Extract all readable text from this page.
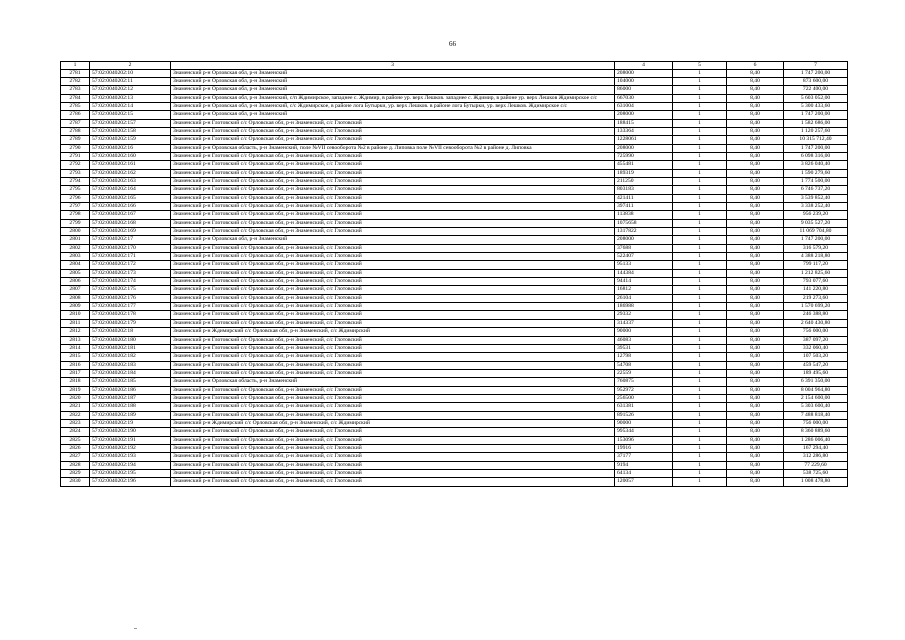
66
1	2	3	4	5	6	7
2781	57:02:0040202:10	Знаменский р-н Орловская обл, р-н Знаменский	208000	1	8,40	1 747 200,00
2782	57:02:0040202:11	Знаменский р-н Орловская обл, р-н Знаменский	104000	1	8,40	873 600,00
2783	57:02:0040202:12	Знаменский р-н Орловская обл, р-н Знаменский	86000	1	8,40	722 400,00
2784	57:02:0040202:13	Знаменский р-н Орловская обл, р-н Знаменский, с/п Ждимирское, западнее с. Ждимир, в районе ур. верх Лешков. западнее с. Ждимир, в районе ур. верх Лешков Ждимирское с/с	667030	1	8,40	5 603 052,00
2785	57:02:0040202:14	Знаменский р-н Орловская обл, р-н Знаменский, с/с Ждимирское, в районе лога Бутырки, ур. верх Лешков. в районе лога Бутырки, ур. верх Лешков. Ждимирское с/с	631004	1	8,40	5 300 433,60
2786	57:02:0040202:15	Знаменский р-н Орловская обл, р-н Знаменский	208000	1	8,40	1 747 200,00
2787	57:02:0040202:157	Знаменский р-н Глотовский с/с Орловская обл, р-н Знаменский, с/с Глотовский	188415	1	8,40	1 582 686,00
2788	57:02:0040202:158	Знаменский р-н Глотовский с/с Орловская обл, р-н Знаменский, с/с Глотовский	133364	1	8,40	1 120 257,60
2789	57:02:0040202:159	Знаменский р-н Глотовский с/с Орловская обл, р-н Знаменский, с/с Глотовский	1228061	1	8,40	10 315 712,40
2790	57:02:0040202:16	Знаменский р-н Орловская область, р-н Знаменский, поле №VII севооборота №2 в районе д. Липовка поле №VII севооборота №2 в районе д. Липовка	208000	1	8,40	1 747 200,00
2791	57:02:0040202:160	Знаменский р-н Глотовский с/с Орловская обл, р-н Знаменский, с/с Глотовский	725990	1	8,40	6 098 316,00
2792	57:02:0040202:161	Знаменский р-н Глотовский с/с Орловская обл, р-н Знаменский, с/с Глотовский	455481	1	8,40	3 826 040,40
2793	57:02:0040202:162	Знаменский р-н Глотовский с/с Орловская обл, р-н Знаменский, с/с Глотовский	189319	1	8,40	1 590 279,60
2794	57:02:0040202:163	Знаменский р-н Глотовский с/с Орловская обл, р-н Знаменский, с/с Глотовский	211250	1	8,40	1 774 500,00
2795	57:02:0040202:164	Знаменский р-н Глотовский с/с Орловская обл, р-н Знаменский, с/с Глотовский	803183	1	8,40	6 746 737,20
2796	57:02:0040202:165	Знаменский р-н Глотовский с/с Орловская обл, р-н Знаменский, с/с Глотовский	421411	1	8,40	3 539 852,40
2797	57:02:0040202:166	Знаменский р-н Глотовский с/с Орловская обл, р-н Знаменский, с/с Глотовский	397411	1	8,40	3 338 252,40
2798	57:02:0040202:167	Знаменский р-н Глотовский с/с Орловская обл, р-н Знаменский, с/с Глотовский	113838	1	8,40	956 239,20
2799	57:02:0040202:168	Знаменский р-н Глотовский с/с Орловская обл, р-н Знаменский, с/с Глотовский	1075658	1	8,40	9 035 527,20
2800	57:02:0040202:169	Знаменский р-н Глотовский с/с Орловская обл, р-н Знаменский, с/с Глотовский	1317822	1	8,40	11 069 704,80
2801	57:02:0040202:17	Знаменский р-н Орловская обл, р-н Знаменский	208000	1	8,40	1 747 200,00
2802	57:02:0040202:170	Знаменский р-н Глотовский с/с Орловская обл, р-н Знаменский, с/с Глотовский	37688	1	8,40	316 579,20
2803	57:02:0040202:171	Знаменский р-н Глотовский с/с Орловская обл, р-н Знаменский, с/с Глотовский	522407	1	8,40	4 388 218,80
2804	57:02:0040202:172	Знаменский р-н Глотовский с/с Орловская обл, р-н Знаменский, с/с Глотовский	95133	1	8,40	799 117,20
2805	57:02:0040202:173	Знаменский р-н Глотовский с/с Орловская обл, р-н Знаменский, с/с Глотовский	144384	1	8,40	1 212 825,60
2806	57:02:0040202:174	Знаменский р-н Глотовский с/с Орловская обл, р-н Знаменский, с/с Глотовский	94414	1	8,40	793 077,60
2807	57:02:0040202:175	Знаменский р-н Глотовский с/с Орловская обл, р-н Знаменский, с/с Глотовский	16812	1	8,40	141 220,80
2808	57:02:0040202:176	Знаменский р-н Глотовский с/с Орловская обл, р-н Знаменский, с/с Глотовский	26104	1	8,40	219 273,60
2809	57:02:0040202:177	Знаменский р-н Глотовский с/с Орловская обл, р-н Знаменский, с/с Глотовский	186988	1	8,40	1 570 699,20
2810	57:02:0040202:178	Знаменский р-н Глотовский с/с Орловская обл, р-н Знаменский, с/с Глотовский	29332	1	8,40	246 388,80
2811	57:02:0040202:179	Знаменский р-н Глотовский с/с Орловская обл, р-н Знаменский, с/с Глотовский	314337	1	8,40	2 640 430,80
2812	57:02:0040202:18	Знаменский р-н Ждимирский с/с Орловская обл, р-н Знаменский, с/с Ждимирский	90000	1	8,40	756 000,00
2813	57:02:0040202:180	Знаменский р-н Глотовский с/с Орловская обл, р-н Знаменский, с/с Глотовский	46083	1	8,40	387 097,20
2814	57:02:0040202:181	Знаменский р-н Глотовский с/с Орловская обл, р-н Знаменский, с/с Глотовский	39531	1	8,40	332 060,40
2815	57:02:0040202:182	Знаменский р-н Глотовский с/с Орловская обл, р-н Знаменский, с/с Глотовский	12798	1	8,40	107 503,20
2816	57:02:0040202:183	Знаменский р-н Глотовский с/с Орловская обл, р-н Знаменский, с/с Глотовский	54708	1	8,40	459 547,20
2817	57:02:0040202:184	Знаменский р-н Глотовский с/с Орловская обл, р-н Знаменский, с/с Глотовский	22559	1	8,40	189 495,60
2818	57:02:0040202:185	Знаменский р-н Орловская область, р-н Знаменский	760875	1	8,40	6 391 350,00
2819	57:02:0040202:186	Знаменский р-н Глотовский с/с Орловская обл, р-н Знаменский, с/с Глотовский	952972	1	8,40	8 004 964,80
2820	57:02:0040202:187	Знаменский р-н Глотовский с/с Орловская обл, р-н Знаменский, с/с Глотовский	256500	1	8,40	2 154 600,00
2821	57:02:0040202:188	Знаменский р-н Глотовский с/с Орловская обл, р-н Знаменский, с/с Глотовский	631381	1	8,40	5 303 600,40
2822	57:02:0040202:189	Знаменский р-н Глотовский с/с Орловская обл, р-н Знаменский, с/с Глотовский	891526	1	8,40	7 488 818,40
2823	57:02:0040202:19	Знаменский р-н Ждимирский с/с Орловская обл, р-н Знаменский, с/с Ждимирский	90000	1	8,40	756 000,00
2824	57:02:0040202:190	Знаменский р-н Глотовский с/с Орловская обл, р-н Знаменский, с/с Глотовский	995344	1	8,40	8 360 889,60
2825	57:02:0040202:191	Знаменский р-н Глотовский с/с Орловская обл, р-н Знаменский, с/с Глотовский	153096	1	8,40	1 286 006,40
2826	57:02:0040202:192	Знаменский р-н Глотовский с/с Орловская обл, р-н Знаменский, с/с Глотовский	19916	1	8,40	167 294,40
2827	57:02:0040202:193	Знаменский р-н Глотовский с/с Орловская обл, р-н Знаменский, с/с Глотовский	37177	1	8,40	312 286,80
2828	57:02:0040202:194	Знаменский р-н Глотовский с/с Орловская обл, р-н Знаменский, с/с Глотовский	9194	1	8,40	77 229,60
2829	57:02:0040202:195	Знаменский р-н Глотовский с/с Орловская обл, р-н Знаменский, с/с Глотовский	64134	1	8,40	538 725,60
2830	57:02:0040202:196	Знаменский р-н Глотовский с/с Орловская обл, р-н Знаменский, с/с Глотовский	120057	1	8,40	1 008 478,80
